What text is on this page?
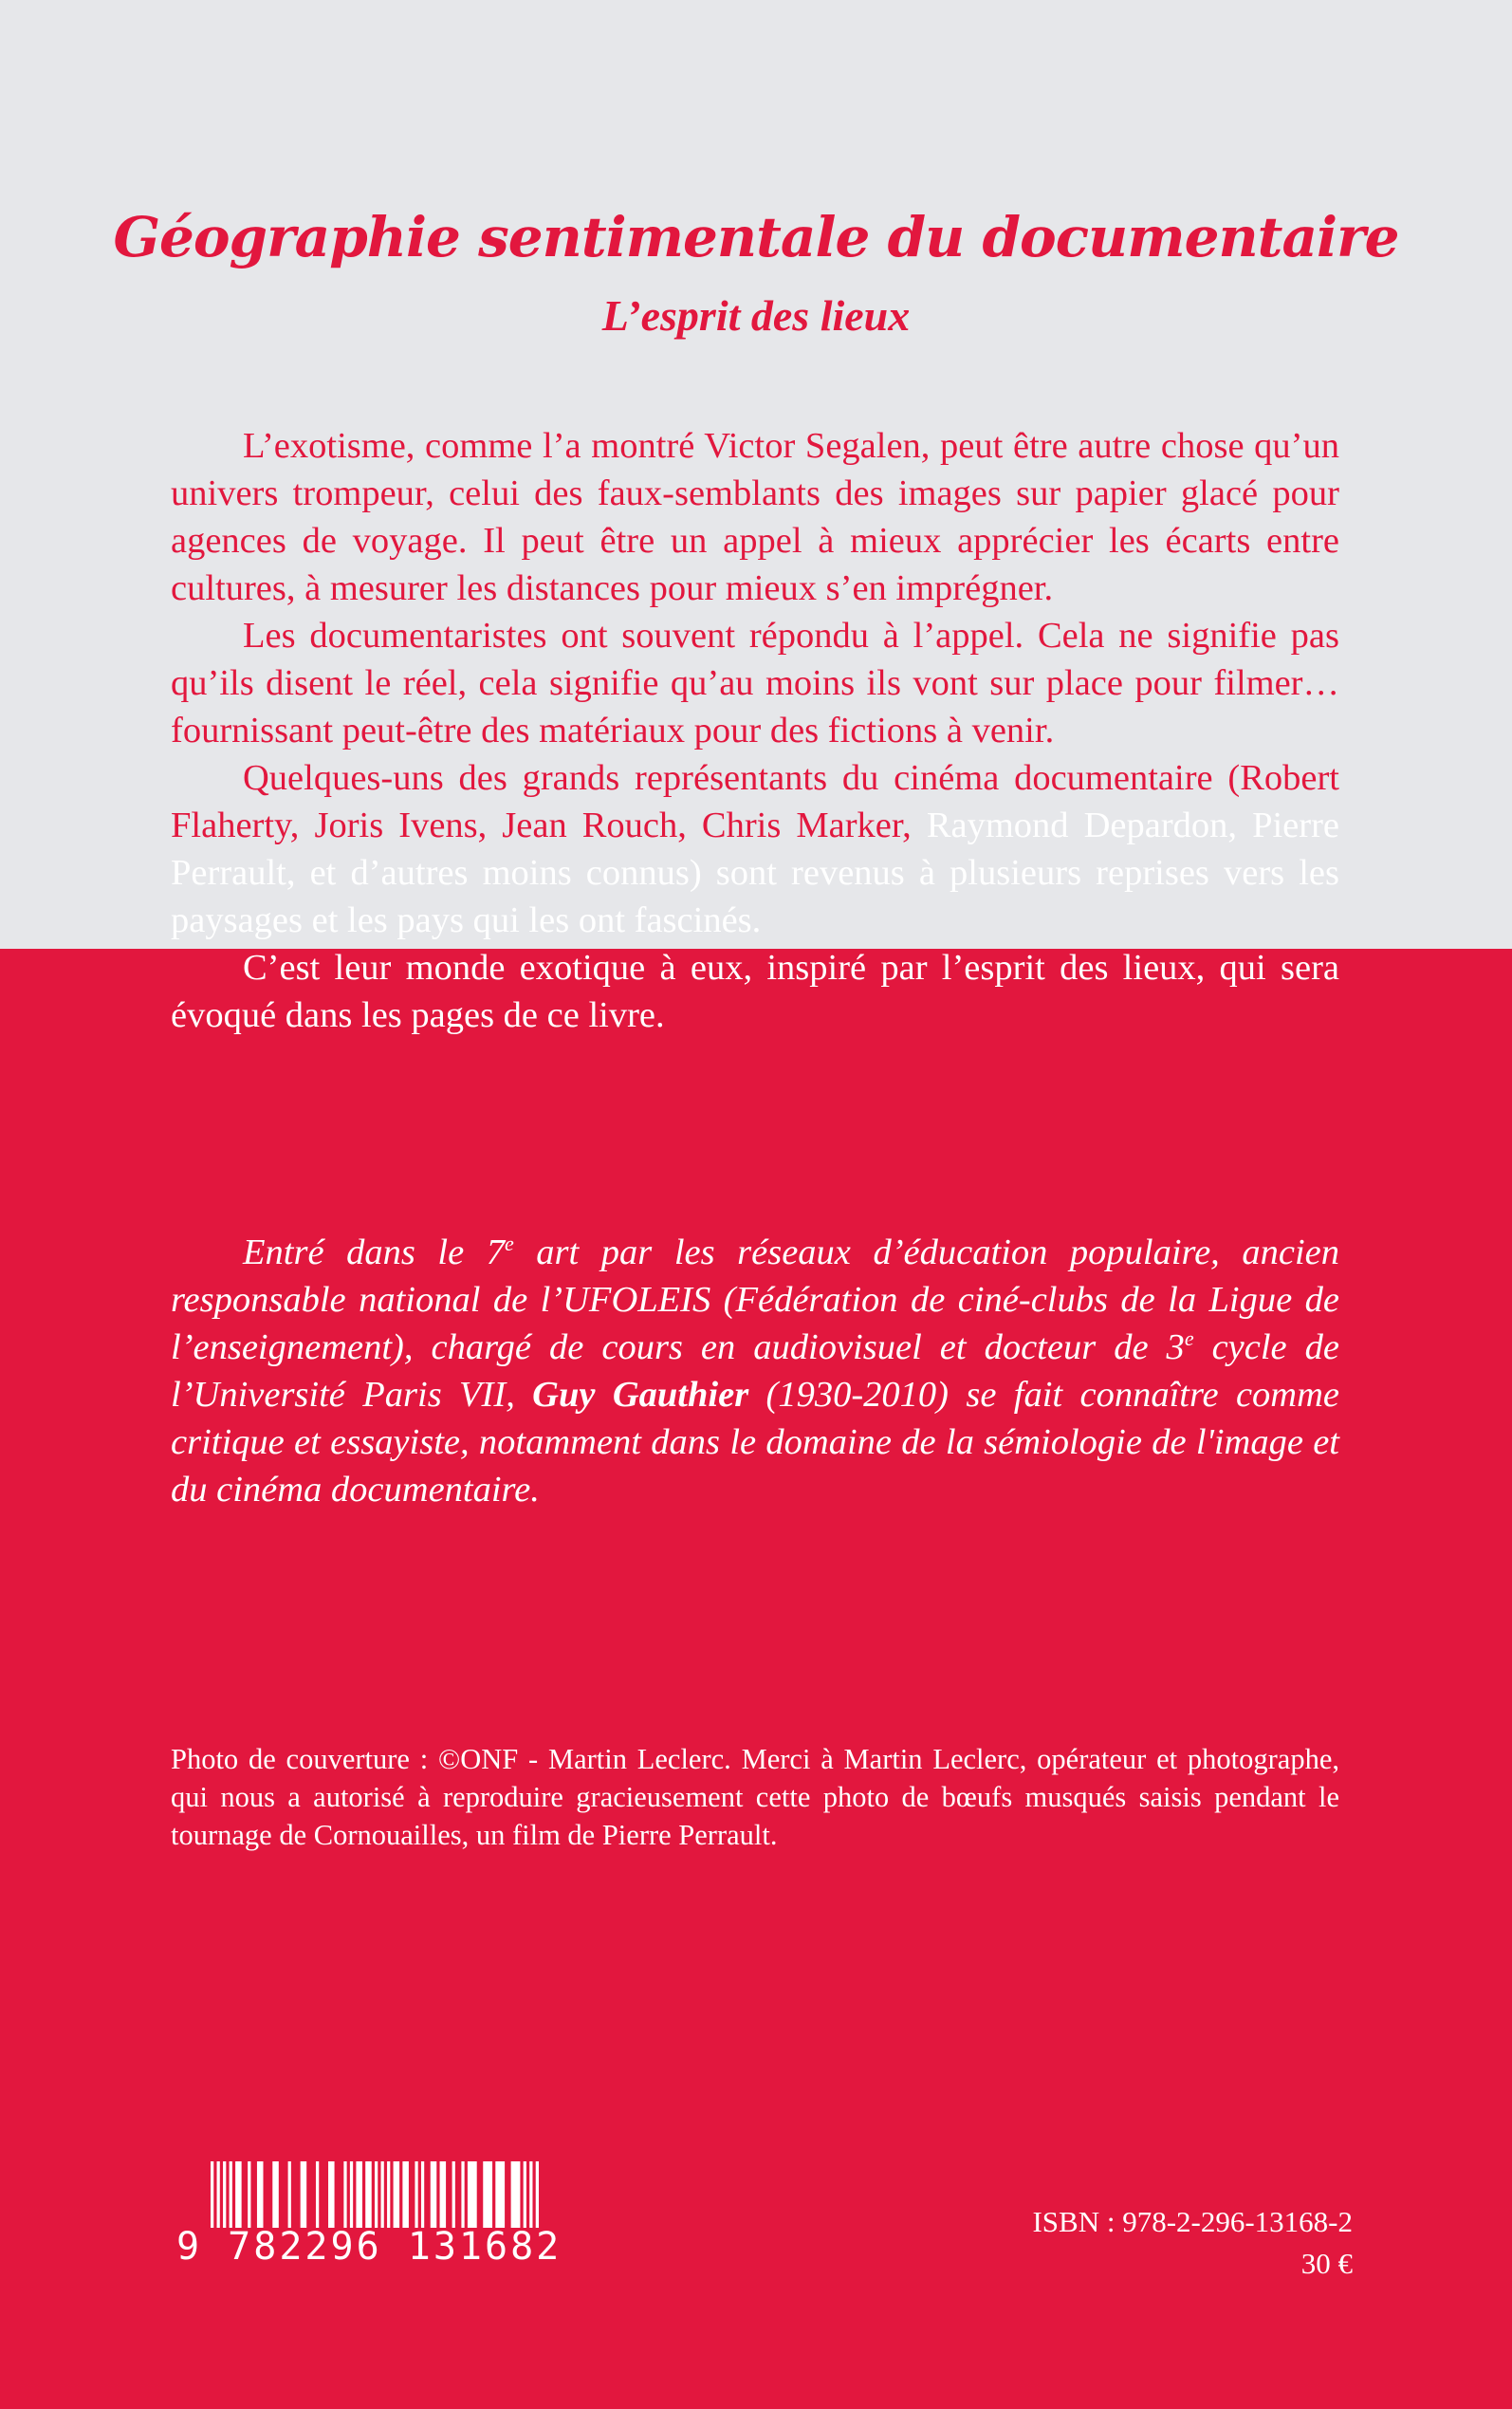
Géographie sentimentale du documentaire
L’esprit des lieux

L’exotisme, comme l’a montré Victor Segalen, peut être autre chose qu’un univers trompeur, celui des faux-semblants des images sur papier glacé pour agences de voyage. Il peut être un appel à mieux apprécier les écarts entre cultures, à mesurer les distances pour mieux s’en imprégner.

Les documentaristes ont souvent répondu à l’appel. Cela ne signifie pas qu’ils disent le réel, cela signifie qu’au moins ils vont sur place pour filmer… fournissant peut-être des matériaux pour des fictions à venir.

Quelques-uns des grands représentants du cinéma documentaire (Robert Flaherty, Joris Ivens, Jean Rouch, Chris Marker, Raymond Depardon, Pierre Perrault, et d’autres moins connus) sont revenus à plusieurs reprises vers les paysages et les pays qui les ont fascinés.

C’est leur monde exotique à eux, inspiré par l’esprit des lieux, qui sera évoqué dans les pages de ce livre.

Entré dans le 7e art par les réseaux d’éducation populaire, ancien responsable national de l’UFOLEIS (Fédération de ciné-clubs de la Ligue de l’enseignement), chargé de cours en audiovisuel et docteur de 3e cycle de l’Université Paris VII, Guy Gauthier (1930-2010) se fait connaître comme critique et essayiste, notamment dans le domaine de la sémiologie de l'image et du cinéma documentaire.

Photo de couverture : ©ONF - Martin Leclerc. Merci à Martin Leclerc, opérateur et photographe, qui nous a autorisé à reproduire gracieusement cette photo de bœufs musqués saisis pendant le tournage de Cornouailles, un film de Pierre Perrault.

9 782296 131682
ISBN : 978-2-296-13168-2
30 €
